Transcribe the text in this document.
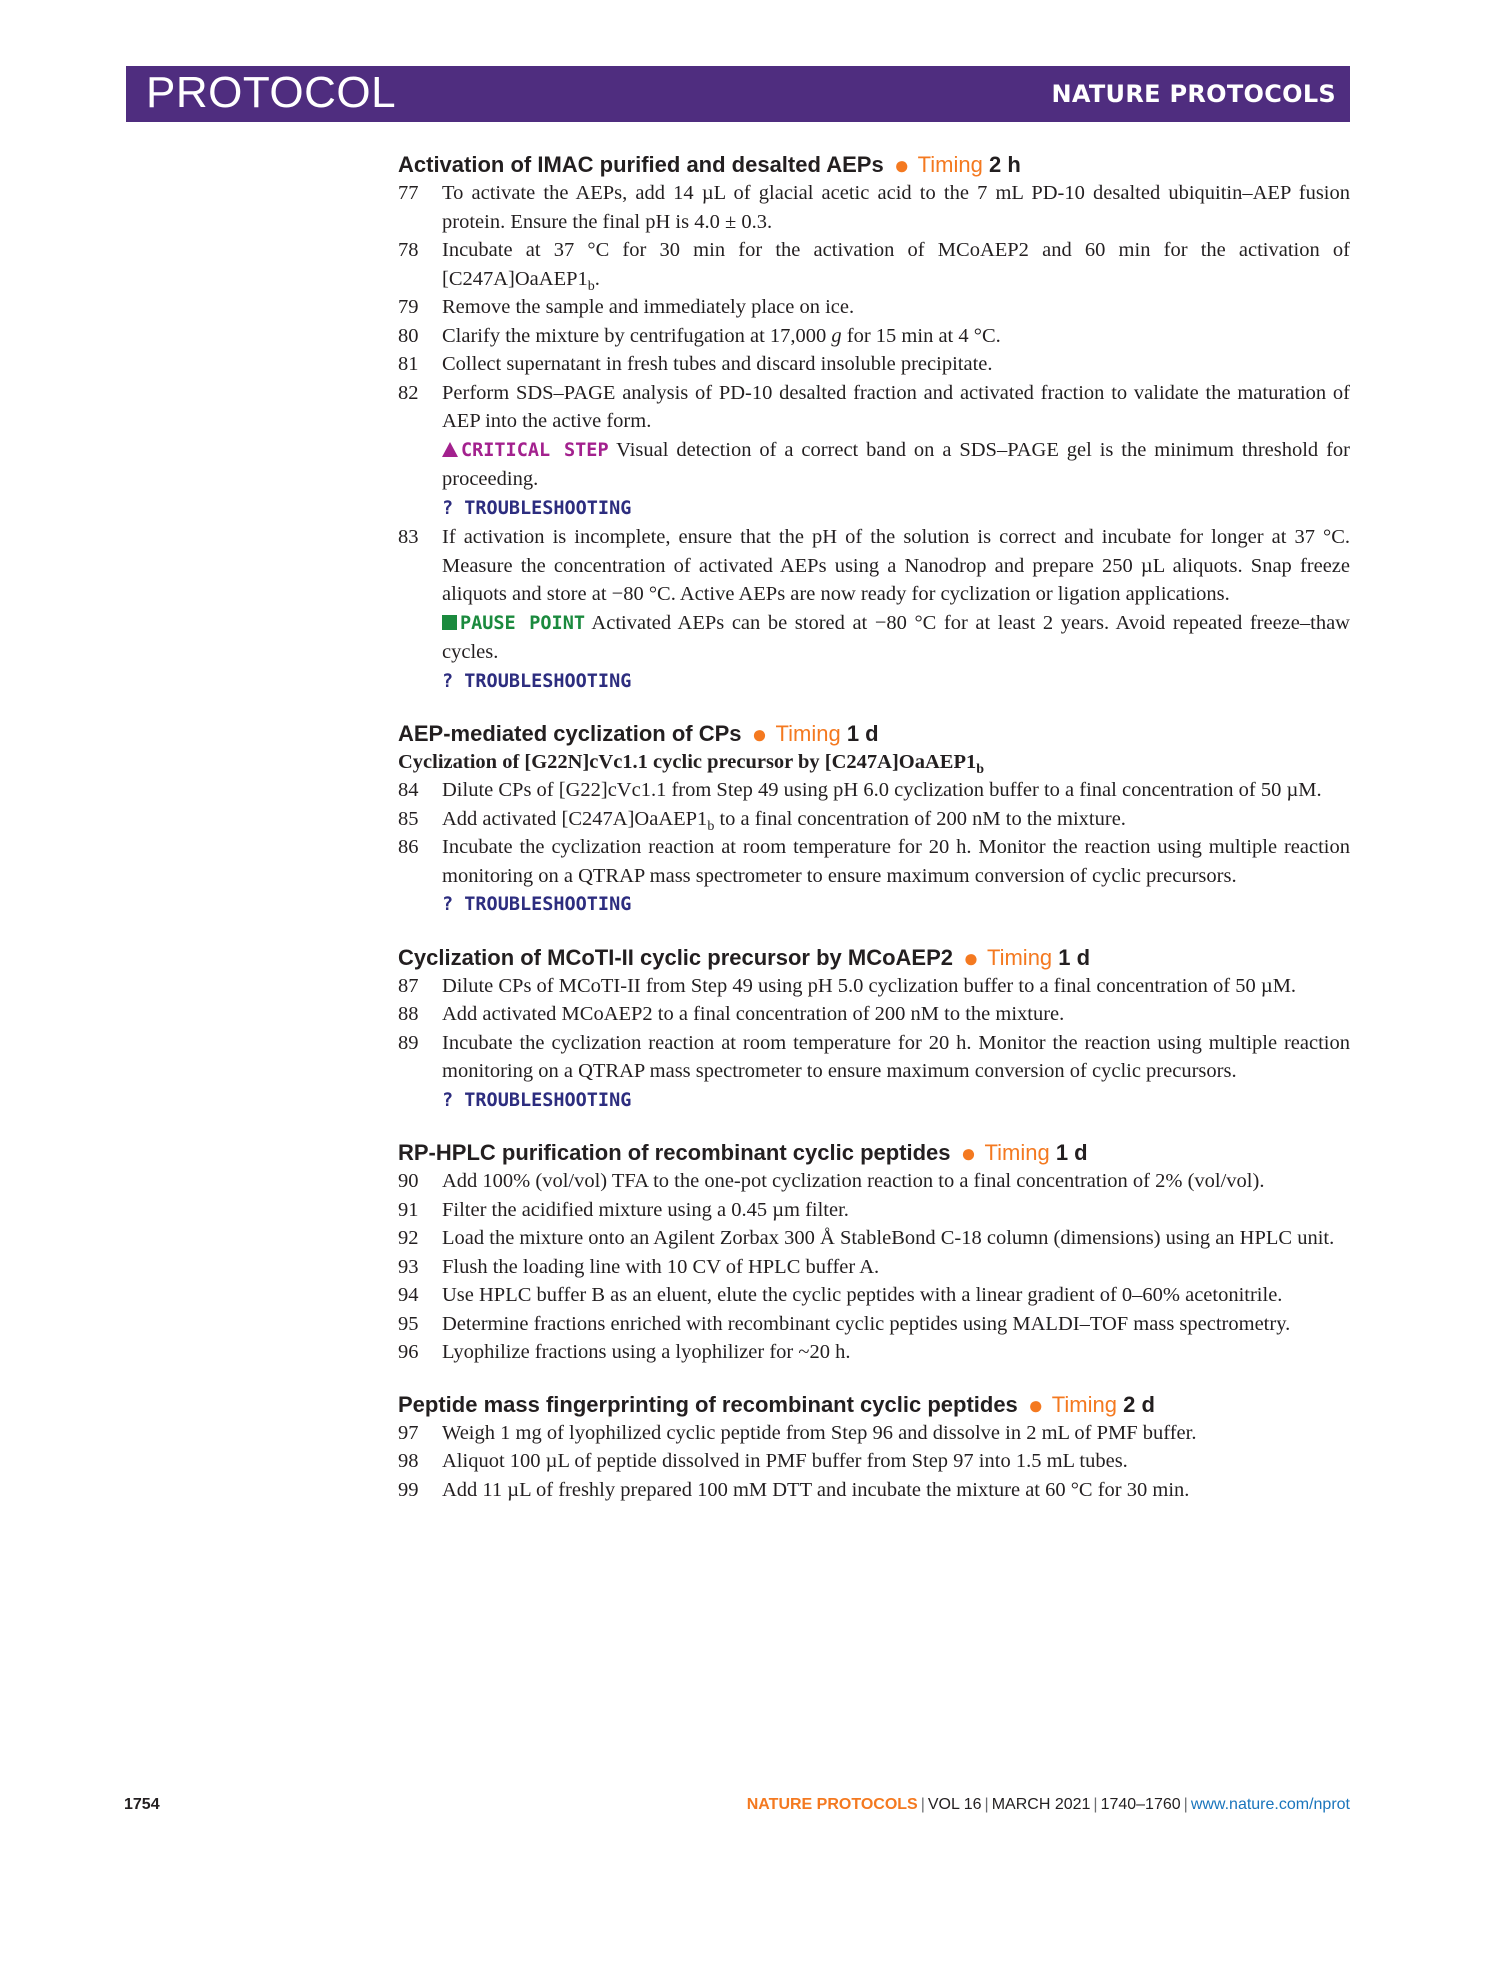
PROTOCOL	NATURE PROTOCOLS

Activation of IMAC purified and desalted AEPs ● Timing 2 h

77	To activate the AEPs, add 14 µL of glacial acetic acid to the 7 mL PD-10 desalted ubiquitin–AEP fusion protein. Ensure the final pH is 4.0 ± 0.3.
78	Incubate at 37 °C for 30 min for the activation of MCoAEP2 and 60 min for the activation of $[C247A]OaAEP1_b$.
79	Remove the sample and immediately place on ice.
80	Clarify the mixture by centrifugation at 17,000 g for 15 min at 4 °C.
81	Collect supernatant in fresh tubes and discard insoluble precipitate.
82	Perform SDS–PAGE analysis of PD-10 desalted fraction and activated fraction to validate the maturation of AEP into the active form.
CRITICAL STEP Visual detection of a correct band on a SDS–PAGE gel is the minimum threshold for proceeding.
? TROUBLESHOOTING
83	If activation is incomplete, ensure that the pH of the solution is correct and incubate for longer at 37 °C. Measure the concentration of activated AEPs using a Nanodrop and prepare 250 µL aliquots. Snap freeze aliquots and store at −80 °C. Active AEPs are now ready for cyclization or ligation applications.
PAUSE POINT Activated AEPs can be stored at −80 °C for at least 2 years. Avoid repeated freeze–thaw cycles.
? TROUBLESHOOTING

AEP-mediated cyclization of CPs ● Timing 1 d

Cyclization of [G22N]cVc1.1 cyclic precursor by $[C247A]OaAEP1_b$

84	Dilute CPs of [G22]cVc1.1 from Step 49 using pH 6.0 cyclization buffer to a final concentration of 50 µM.
85	Add activated $[C247A]OaAEP1_b$ to a final concentration of 200 nM to the mixture.
86	Incubate the cyclization reaction at room temperature for 20 h. Monitor the reaction using multiple reaction monitoring on a QTRAP mass spectrometer to ensure maximum conversion of cyclic precursors.
? TROUBLESHOOTING

Cyclization of MCoTI-II cyclic precursor by MCoAEP2 ● Timing 1 d

87	Dilute CPs of MCoTI-II from Step 49 using pH 5.0 cyclization buffer to a final concentration of 50 µM.
88	Add activated MCoAEP2 to a final concentration of 200 nM to the mixture.
89	Incubate the cyclization reaction at room temperature for 20 h. Monitor the reaction using multiple reaction monitoring on a QTRAP mass spectrometer to ensure maximum conversion of cyclic precursors.
? TROUBLESHOOTING

RP-HPLC purification of recombinant cyclic peptides ● Timing 1 d

90	Add 100% (vol/vol) TFA to the one-pot cyclization reaction to a final concentration of 2% (vol/vol).
91	Filter the acidified mixture using a 0.45 µm filter.
92	Load the mixture onto an Agilent Zorbax 300 Å StableBond C-18 column (dimensions) using an HPLC unit.
93	Flush the loading line with 10 CV of HPLC buffer A.
94	Use HPLC buffer B as an eluent, elute the cyclic peptides with a linear gradient of 0–60% acetonitrile.
95	Determine fractions enriched with recombinant cyclic peptides using MALDI–TOF mass spectrometry.
96	Lyophilize fractions using a lyophilizer for ~20 h.

Peptide mass fingerprinting of recombinant cyclic peptides ● Timing 2 d

97	Weigh 1 mg of lyophilized cyclic peptide from Step 96 and dissolve in 2 mL of PMF buffer.
98	Aliquot 100 µL of peptide dissolved in PMF buffer from Step 97 into 1.5 mL tubes.
99	Add 11 µL of freshly prepared 100 mM DTT and incubate the mixture at 60 °C for 30 min.
1754	NATURE PROTOCOLS | VOL 16 | MARCH 2021 | 1740–1760 | www.nature.com/nprot
